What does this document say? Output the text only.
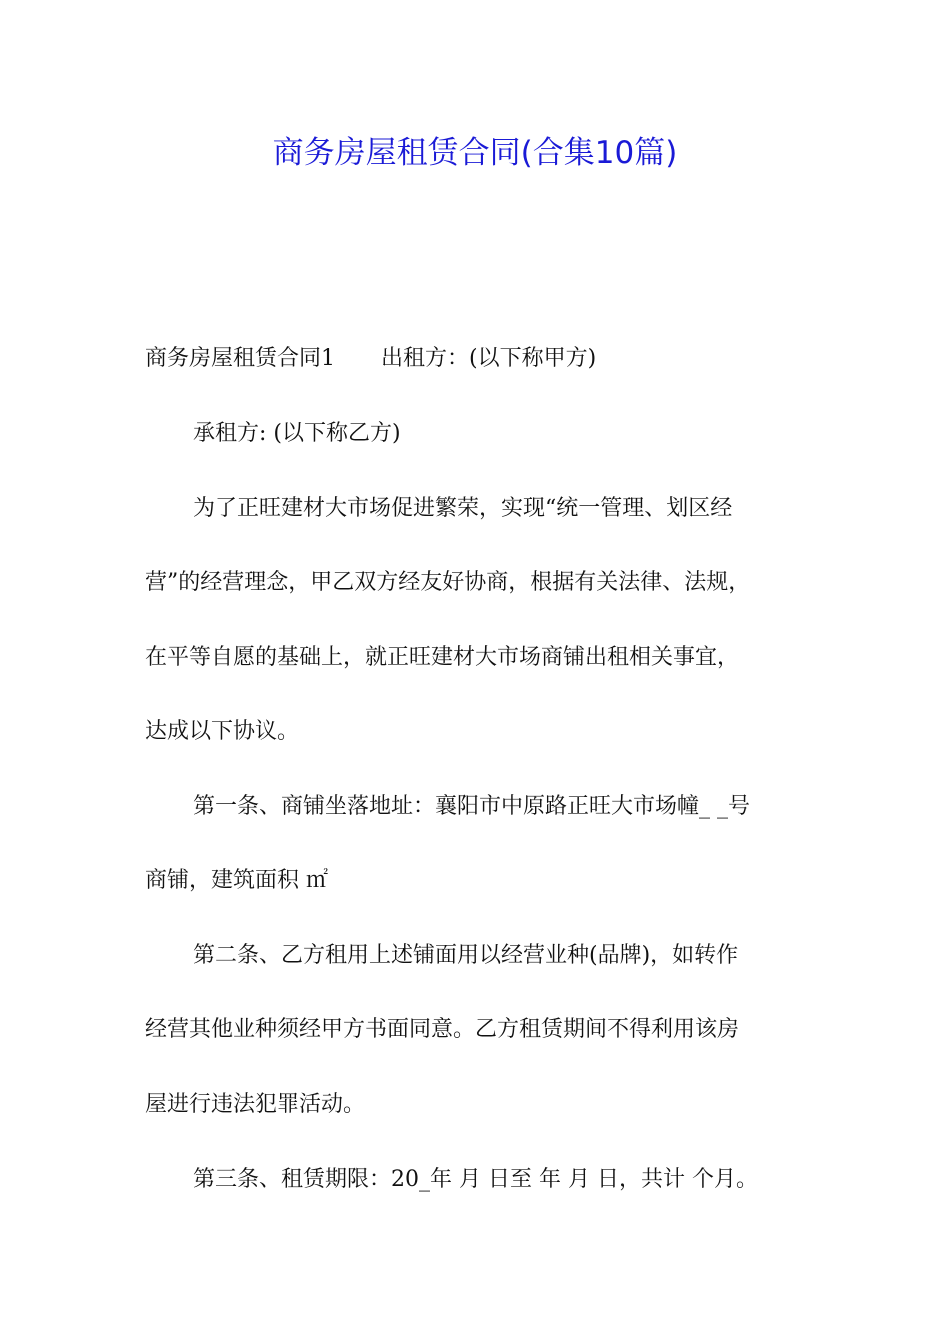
商务房屋租赁合同(合集10篇)
商务房屋租赁合同1 出租方：(以下称甲方)
承租方: (以下称乙方)
为了正旺建材大市场促进繁荣，实现“统一管理、划区经
营”的经营理念，甲乙双方经友好协商，根据有关法律、法规，
在平等自愿的基础上，就正旺建材大市场商铺出租相关事宜，
达成以下协议。
第一条、商铺坐落地址：襄阳市中原路正旺大市场幢_ _号
商铺，建筑面积 ㎡
第二条、乙方租用上述铺面用以经营业种(品牌)，如转作
经营其他业种须经甲方书面同意。乙方租赁期间不得利用该房
屋进行违法犯罪活动。
第三条、租赁期限：20_年 月 日至 年 月 日，共计 个月。
